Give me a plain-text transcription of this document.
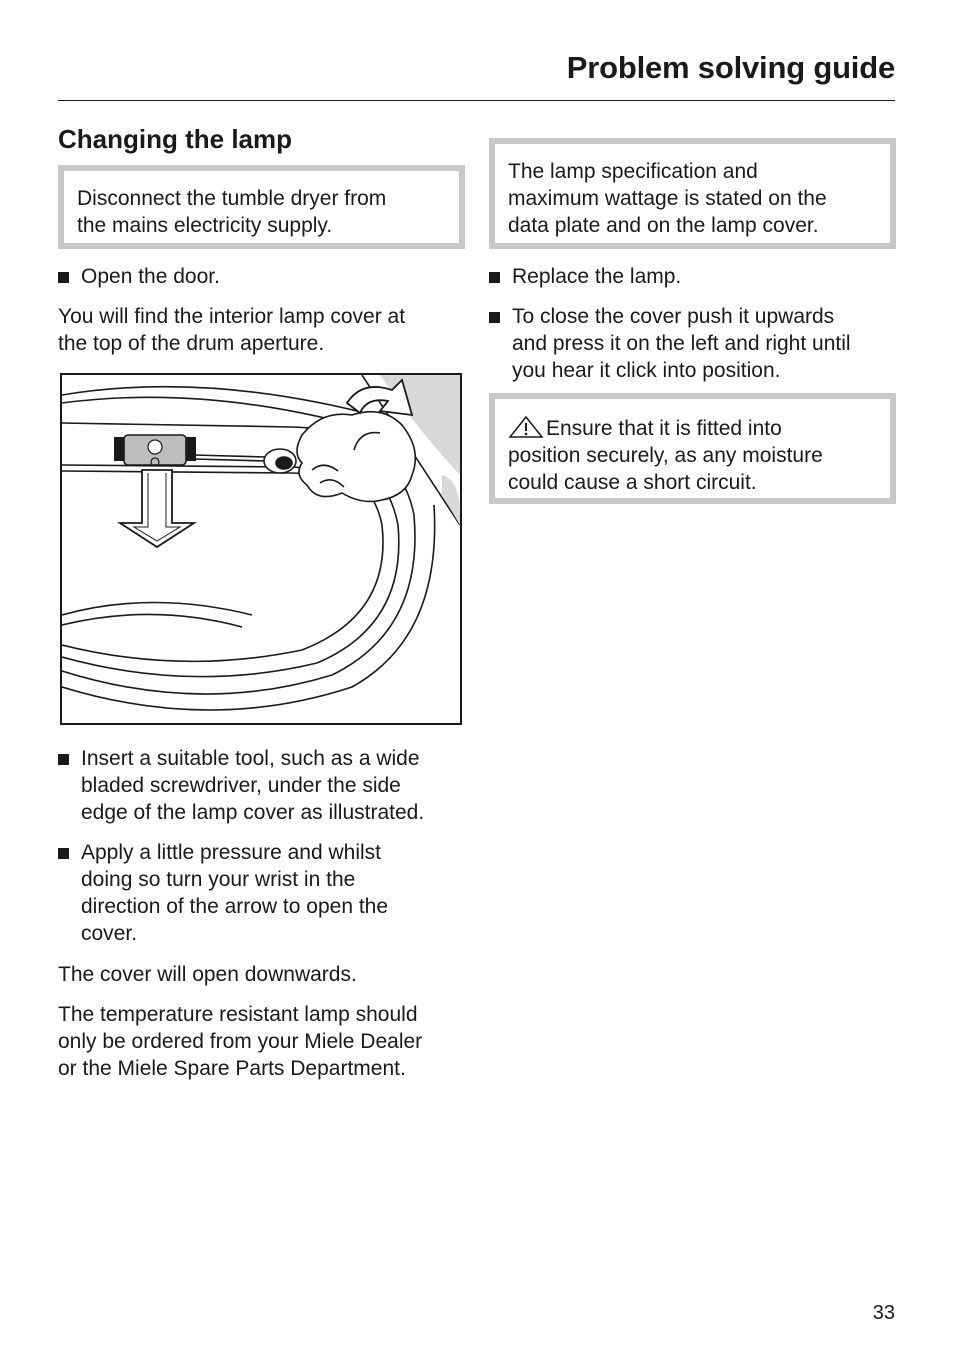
Problem solving guide
Changing the lamp
Disconnect the tumble dryer from
the mains electricity supply.
Open the door.
You will find the interior lamp cover at
the top of the drum aperture.
Insert a suitable tool, such as a wide
bladed screwdriver, under the side
edge of the lamp cover as illustrated.
Apply a little pressure and whilst
doing so turn your wrist in the
direction of the arrow to open the
cover.
The cover will open downwards.
The temperature resistant lamp should
only be ordered from your Miele Dealer
or the Miele Spare Parts Department.
The lamp specification and
maximum wattage is stated on the
data plate and on the lamp cover.
Replace the lamp.
To close the cover push it upwards
and press it on the left and right until
you hear it click into position.
Ensure that it is fitted into
position securely, as any moisture
could cause a short circuit.
33
